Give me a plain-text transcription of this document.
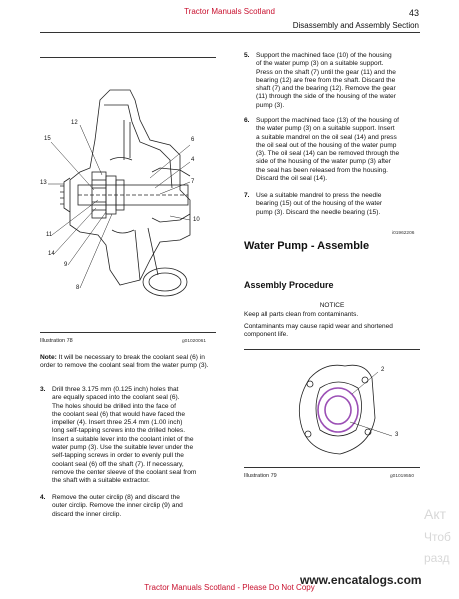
Tractor Manuals Scotland	43
Disassembly and Assembly Section
12
6
15
4
13	7
10
11
14
9
8
Illustration 78	g01020061
Note: It will be necessary to break the coolant seal (6) in order to remove the coolant seal from the water pump (3).
3. Drill three 3.175 mm (0.125 inch) holes that
are equally spaced into the coolant seal (6).
The holes should be drilled into the face of
the coolant seal (6) that would have faced the
impeller (4). Insert three 25.4 mm (1.00 inch)
long self-tapping screws into the drilled holes.
Insert a suitable lever into the coolant inlet of the
water pump (3). Use the suitable lever under the
self-tapping screws in order to evenly pull the
coolant seal (6) off the shaft (7). If necessary,
remove the center sleeve of the coolant seal from
the shaft with a suitable extractor.
4. Remove the outer circlip (8) and discard the
outer circlip. Remove the inner circlip (9) and
discard the inner circlip.
5. Support the machined face (10) of the housing
of the water pump (3) on a suitable support.
Press on the shaft (7) until the gear (11) and the
bearing (12) are free from the shaft. Discard the
shaft (7) and the bearing (12). Remove the gear
(11) through the side of the housing of the water
pump (3).
6. Support the machined face (13) of the housing of
the water pump (3) on a suitable support. Insert
a suitable mandrel on the oil seal (14) and press
the oil seal out of the housing of the water pump
(3). The oil seal (14) can be removed through the
side of the housing of the water pump (3) after
the seal has been released from the housing.
Discard the oil seal (14).
7. Use a suitable mandrel to press the needle
bearing (15) out of the housing of the water
pump (3). Discard the needle bearing (15).
i01962206
Water Pump - Assemble
Assembly Procedure
NOTICE
Keep all parts clean from contaminants.
Contaminants may cause rapid wear and shortened component life.
2
3
Illustration 79	g01019550
Акт
Чтоб
разд
www.encatalogs.com
Tractor Manuals Scotland - Please Do Not Copy
